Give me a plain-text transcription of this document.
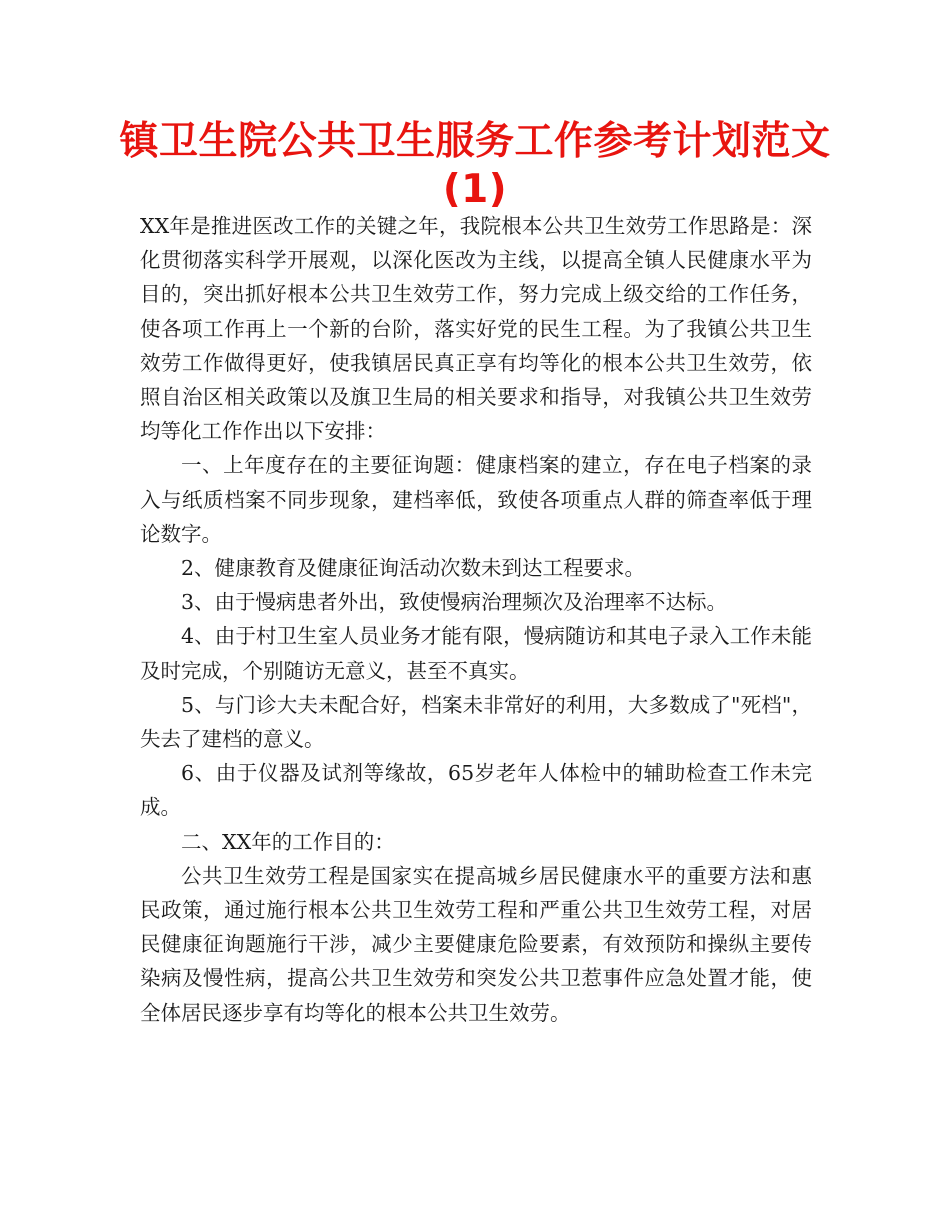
镇卫生院公共卫生服务工作参考计划范文(1)

XX年是推进医改工作的关键之年，我院根本公共卫生效劳工作思路是：深化贯彻落实科学开展观，以深化医改为主线，以提高全镇人民健康水平为目的，突出抓好根本公共卫生效劳工作，努力完成上级交给的工作任务，使各项工作再上一个新的台阶，落实好党的民生工程。为了我镇公共卫生效劳工作做得更好，使我镇居民真正享有均等化的根本公共卫生效劳，依照自治区相关政策以及旗卫生局的相关要求和指导，对我镇公共卫生效劳均等化工作作出以下安排：

一、上年度存在的主要征询题：健康档案的建立，存在电子档案的录入与纸质档案不同步现象，建档率低，致使各项重点人群的筛查率低于理论数字。

2、健康教育及健康征询活动次数未到达工程要求。

3、由于慢病患者外出，致使慢病治理频次及治理率不达标。

4、由于村卫生室人员业务才能有限，慢病随访和其电子录入工作未能及时完成，个别随访无意义，甚至不真实。

5、与门诊大夫未配合好，档案未非常好的利用，大多数成了"死档"，失去了建档的意义。

6、由于仪器及试剂等缘故，65岁老年人体检中的辅助检查工作未完成。

二、XX年的工作目的：

公共卫生效劳工程是国家实在提高城乡居民健康水平的重要方法和惠民政策，通过施行根本公共卫生效劳工程和严重公共卫生效劳工程，对居民健康征询题施行干涉，减少主要健康危险要素，有效预防和操纵主要传染病及慢性病，提高公共卫生效劳和突发公共卫惹事件应急处置才能，使全体居民逐步享有均等化的根本公共卫生效劳。
